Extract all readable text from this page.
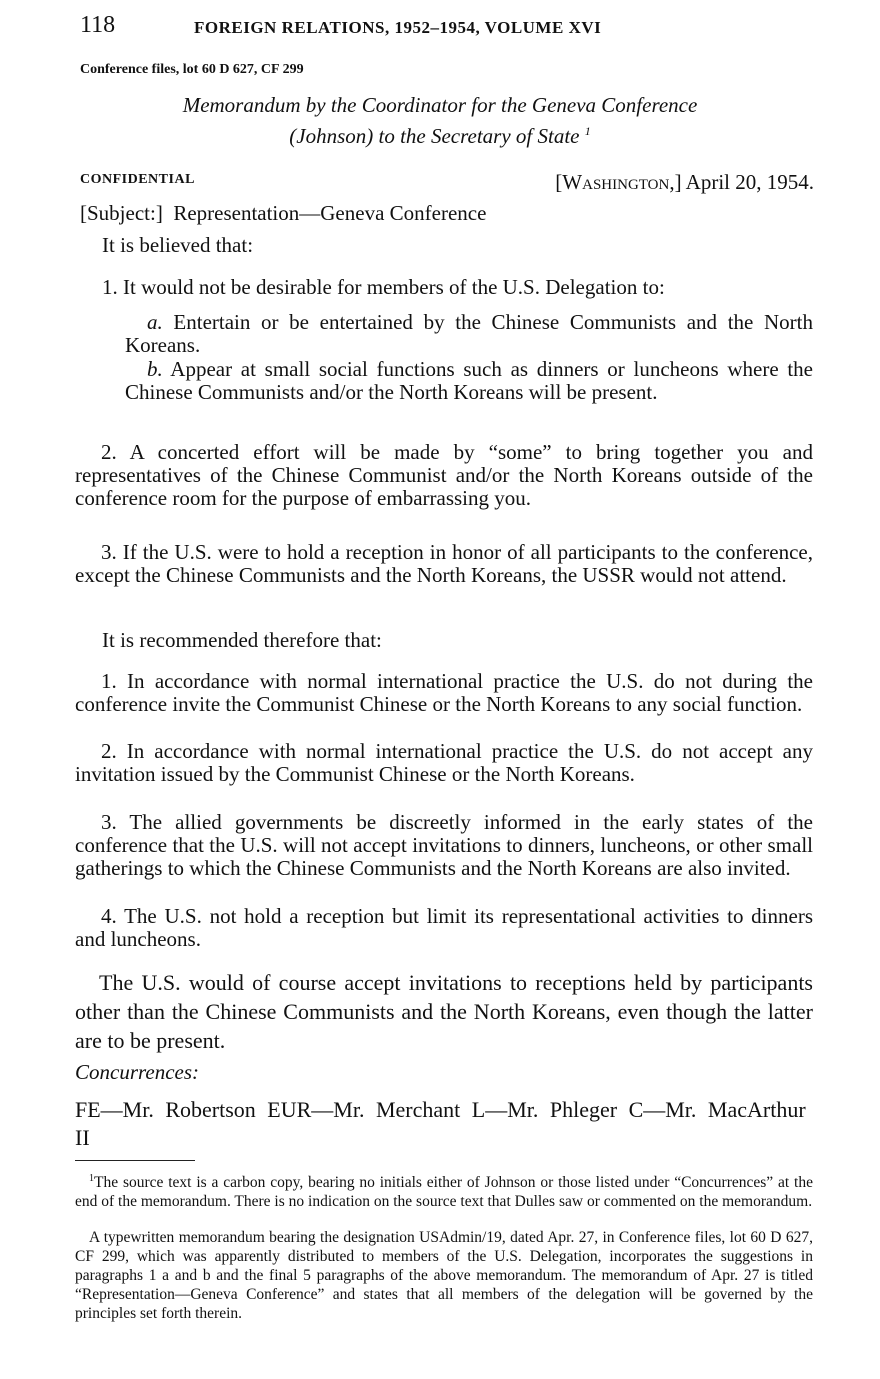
118	FOREIGN RELATIONS, 1952–1954, VOLUME XVI
Conference files, lot 60 D 627, CF 299
Memorandum by the Coordinator for the Geneva Conference
(Johnson) to the Secretary of State $^1$
CONFIDENTIAL	[Washington,] April 20, 1954.
[Subject:] Representation—Geneva Conference
It is believed that:
1. It would not be desirable for members of the U.S. Delegation to:
a. Entertain or be entertained by the Chinese Communists and the North Koreans.
b. Appear at small social functions such as dinners or luncheons where the Chinese Communists and/or the North Koreans will be present.
2. A concerted effort will be made by “some” to bring together you and representatives of the Chinese Communist and/or the North Koreans outside of the conference room for the purpose of embarrassing you.
3. If the U.S. were to hold a reception in honor of all participants to the conference, except the Chinese Communists and the North Koreans, the USSR would not attend.
It is recommended therefore that:
1. In accordance with normal international practice the U.S. do not during the conference invite the Communist Chinese or the North Koreans to any social function.
2. In accordance with normal international practice the U.S. do not accept any invitation issued by the Communist Chinese or the North Koreans.
3. The allied governments be discreetly informed in the early states of the conference that the U.S. will not accept invitations to dinners, luncheons, or other small gatherings to which the Chinese Communists and the North Koreans are also invited.
4. The U.S. not hold a reception but limit its representational activities to dinners and luncheons.
The U.S. would of course accept invitations to receptions held by participants other than the Chinese Communists and the North Koreans, even though the latter are to be present.
Concurrences:
FE—Mr. Robertson EUR—Mr. Merchant L—Mr. Phleger C—Mr. MacArthur II
$^1$The source text is a carbon copy, bearing no initials either of Johnson or those listed under “Concurrences” at the end of the memorandum. There is no indication on the source text that Dulles saw or commented on the memorandum.
A typewritten memorandum bearing the designation USAdmin/19, dated Apr. 27, in Conference files, lot 60 D 627, CF 299, which was apparently distributed to members of the U.S. Delegation, incorporates the suggestions in paragraphs 1 a and b and the final 5 paragraphs of the above memorandum. The memorandum of Apr. 27 is titled “Representation—Geneva Conference” and states that all members of the delegation will be governed by the principles set forth therein.
